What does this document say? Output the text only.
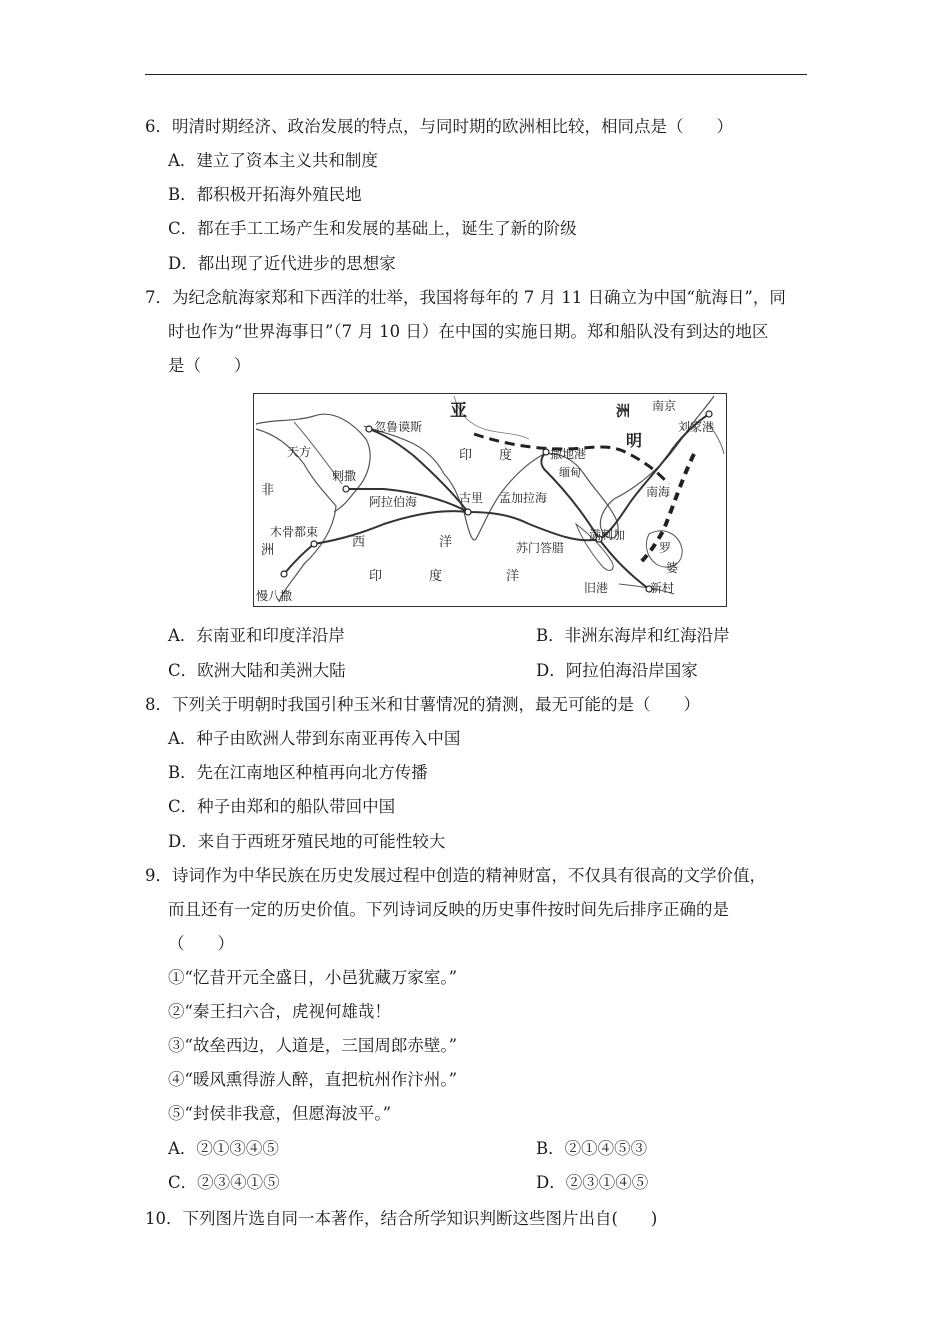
6．明清时期经济、政治发展的特点，与同时期的欧洲相比较，相同点是（　　）
A．建立了资本主义共和制度
B．都积极开拓海外殖民地
C．都在手工工场产生和发展的基础上，诞生了新的阶级
D．都出现了近代进步的思想家
7．为纪念航海家郑和下西洋的壮举，我国将每年的 7 月 11 日确立为中国“航海日”，同
时也作为“世界海事日”（7 月 10 日）在中国的实施日期。郑和船队没有到达的地区
是（　　）
亚	洲
明
南京
刘家港
忽鲁谟斯
天方
剌撒
非
洲
阿拉伯海
印 度	撒地港
缅甸
古里 孟加拉海
木骨都束
西	洋
南海
苏门答腊
满剌加
罗
婆
印	度	洋
慢八撒
旧港	新村
A．东南亚和印度洋沿岸	B．非洲东海岸和红海沿岸
C．欧洲大陆和美洲大陆	D．阿拉伯海沿岸国家
8．下列关于明朝时我国引种玉米和甘薯情况的猜测，最无可能的是（　　）
A．种子由欧洲人带到东南亚再传入中国
B．先在江南地区种植再向北方传播
C．种子由郑和的船队带回中国
D．来自于西班牙殖民地的可能性较大
9．诗词作为中华民族在历史发展过程中创造的精神财富，不仅具有很高的文学价值，
而且还有一定的历史价值。下列诗词反映的历史事件按时间先后排序正确的是
（　　）
①“忆昔开元全盛日，小邑犹藏万家室。”
②“秦王扫六合，虎视何雄哉！
③“故垒西边，人道是，三国周郎赤壁。”
④“暖风熏得游人醉，直把杭州作汴州。”
⑤“封侯非我意，但愿海波平。”
A．②①③④⑤	B．②①④⑤③
C．②③④①⑤	D．②③①④⑤
10．下列图片选自同一本著作，结合所学知识判断这些图片出自(　　)
